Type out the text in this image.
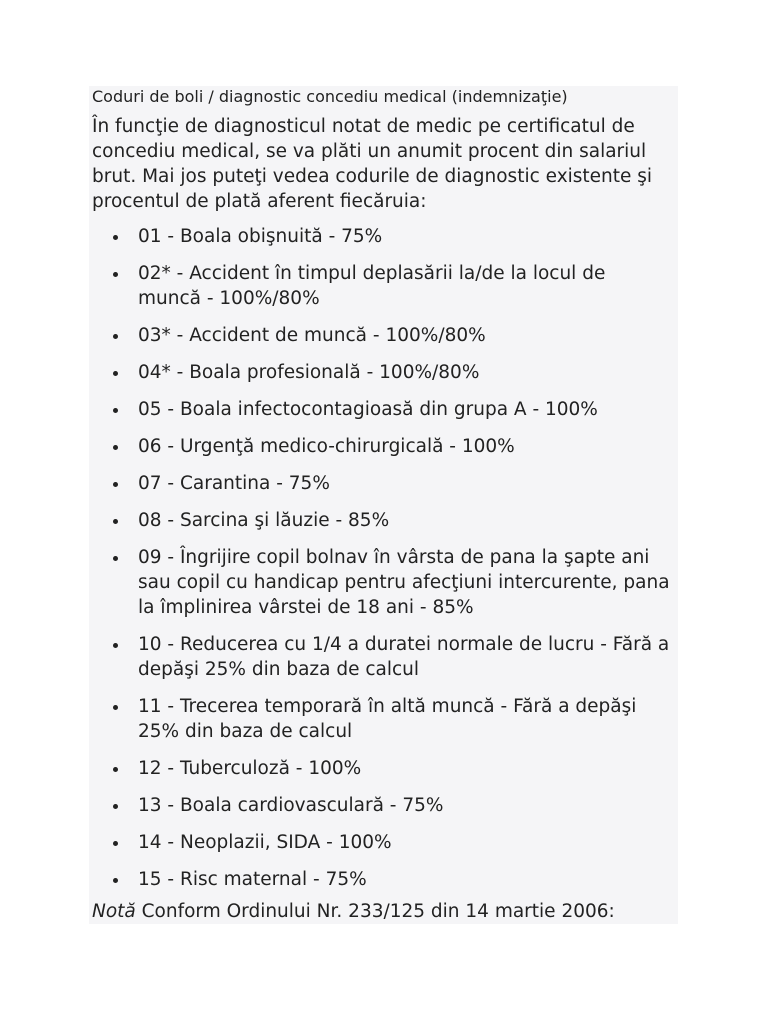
Coduri de boli / diagnostic concediu medical (indemnizaţie)
În funcţie de diagnosticul notat de medic pe certificatul de concediu medical, se va plăti un anumit procent din salariul brut. Mai jos puteţi vedea codurile de diagnostic existente şi procentul de plată aferent fiecăruia:
01 - Boala obişnuită - 75%
02* - Accident în timpul deplasării la/de la locul de muncă - 100%/80%
03* - Accident de muncă - 100%/80%
04* - Boala profesională - 100%/80%
05 - Boala infectocontagioasă din grupa A - 100%
06 - Urgenţă medico-chirurgicală - 100%
07 - Carantina - 75%
08 - Sarcina şi lăuzie - 85%
09 - Îngrijire copil bolnav în vârsta de pana la şapte ani sau copil cu handicap pentru afecţiuni intercurente, pana la împlinirea vârstei de 18 ani - 85%
10 - Reducerea cu 1/4 a duratei normale de lucru - Fără a depăşi 25% din baza de calcul
11 - Trecerea temporară în altă muncă - Fără a depăşi 25% din baza de calcul
12 - Tuberculoză - 100%
13 - Boala cardiovasculară - 75%
14 - Neoplazii, SIDA - 100%
15 - Risc maternal - 75%
Notă Conform Ordinului Nr. 233/125 din 14 martie 2006:
